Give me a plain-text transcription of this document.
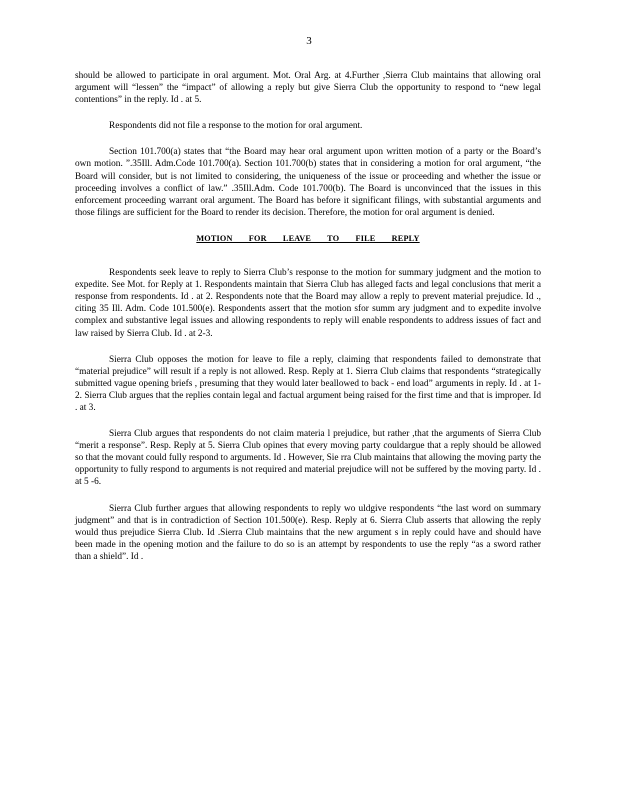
3

should be allowed to participate in oral argument. Mot. Oral Arg. at 4.Further ,Sierra Club maintains that allowing oral argument will “lessen” the “impact” of allowing a reply but give Sierra Club the opportunity to respond to “new legal contentions” in the reply. Id . at 5.

Respondents did not file a response to the motion for oral argument.

Section 101.700(a) states that “the Board may hear oral argument upon written motion of a party or the Board’s own motion. ”.35Ill. Adm.Code 101.700(a). Section 101.700(b) states that in considering a motion for oral argument, “the Board will consider, but is not limited to considering, the uniqueness of the issue or proceeding and whether the issue or proceeding involves a conflict of law.” .35Ill.Adm. Code 101.700(b). The Board is unconvinced that the issues in this enforcement proceeding warrant oral argument. The Board has before it significant filings, with substantial arguments and those filings are sufficient for the Board to render its decision. Therefore, the motion for oral argument is denied.

MOTION FOR LEAVE TO FILE REPLY

Respondents seek leave to reply to Sierra Club’s response to the motion for summary judgment and the motion to expedite. See Mot. for Reply at 1. Respondents maintain that Sierra Club has alleged facts and legal conclusions that merit a response from respondents. Id . at 2. Respondents note that the Board may allow a reply to prevent material prejudice. Id ., citing 35 Ill. Adm. Code 101.500(e). Respondents assert that the motion sfor summ ary judgment and to expedite involve complex and substantive legal issues and allowing respondents to reply will enable respondents to address issues of fact and law raised by Sierra Club. Id . at 2-3.

Sierra Club opposes the motion for leave to file a reply, claiming that respondents failed to demonstrate that “material prejudice” will result if a reply is not allowed. Resp. Reply at 1. Sierra Club claims that respondents “strategically submitted vague opening briefs , presuming that they would later beallowed to back - end load” arguments in reply. Id . at 1-2. Sierra Club argues that the replies contain legal and factual argument being raised for the first time and that is improper. Id . at 3.

Sierra Club argues that respondents do not claim materia l prejudice, but rather ,that the arguments of Sierra Club “merit a response”. Resp. Reply at 5. Sierra Club opines that every moving party couldargue that a reply should be allowed so that the movant could fully respond to arguments. Id . However, Sie rra Club maintains that allowing the moving party the opportunity to fully respond to arguments is not required and material prejudice will not be suffered by the moving party. Id . at 5 -6.

Sierra Club further argues that allowing respondents to reply wo uldgive respondents “the last word on summary judgment” and that is in contradiction of Section 101.500(e). Resp. Reply at 6. Sierra Club asserts that allowing the reply would thus prejudice Sierra Club. Id .Sierra Club maintains that the new argument s in reply could have and should have been made in the opening motion and the failure to do so is an attempt by respondents to use the reply “as a sword rather than a shield”. Id .
